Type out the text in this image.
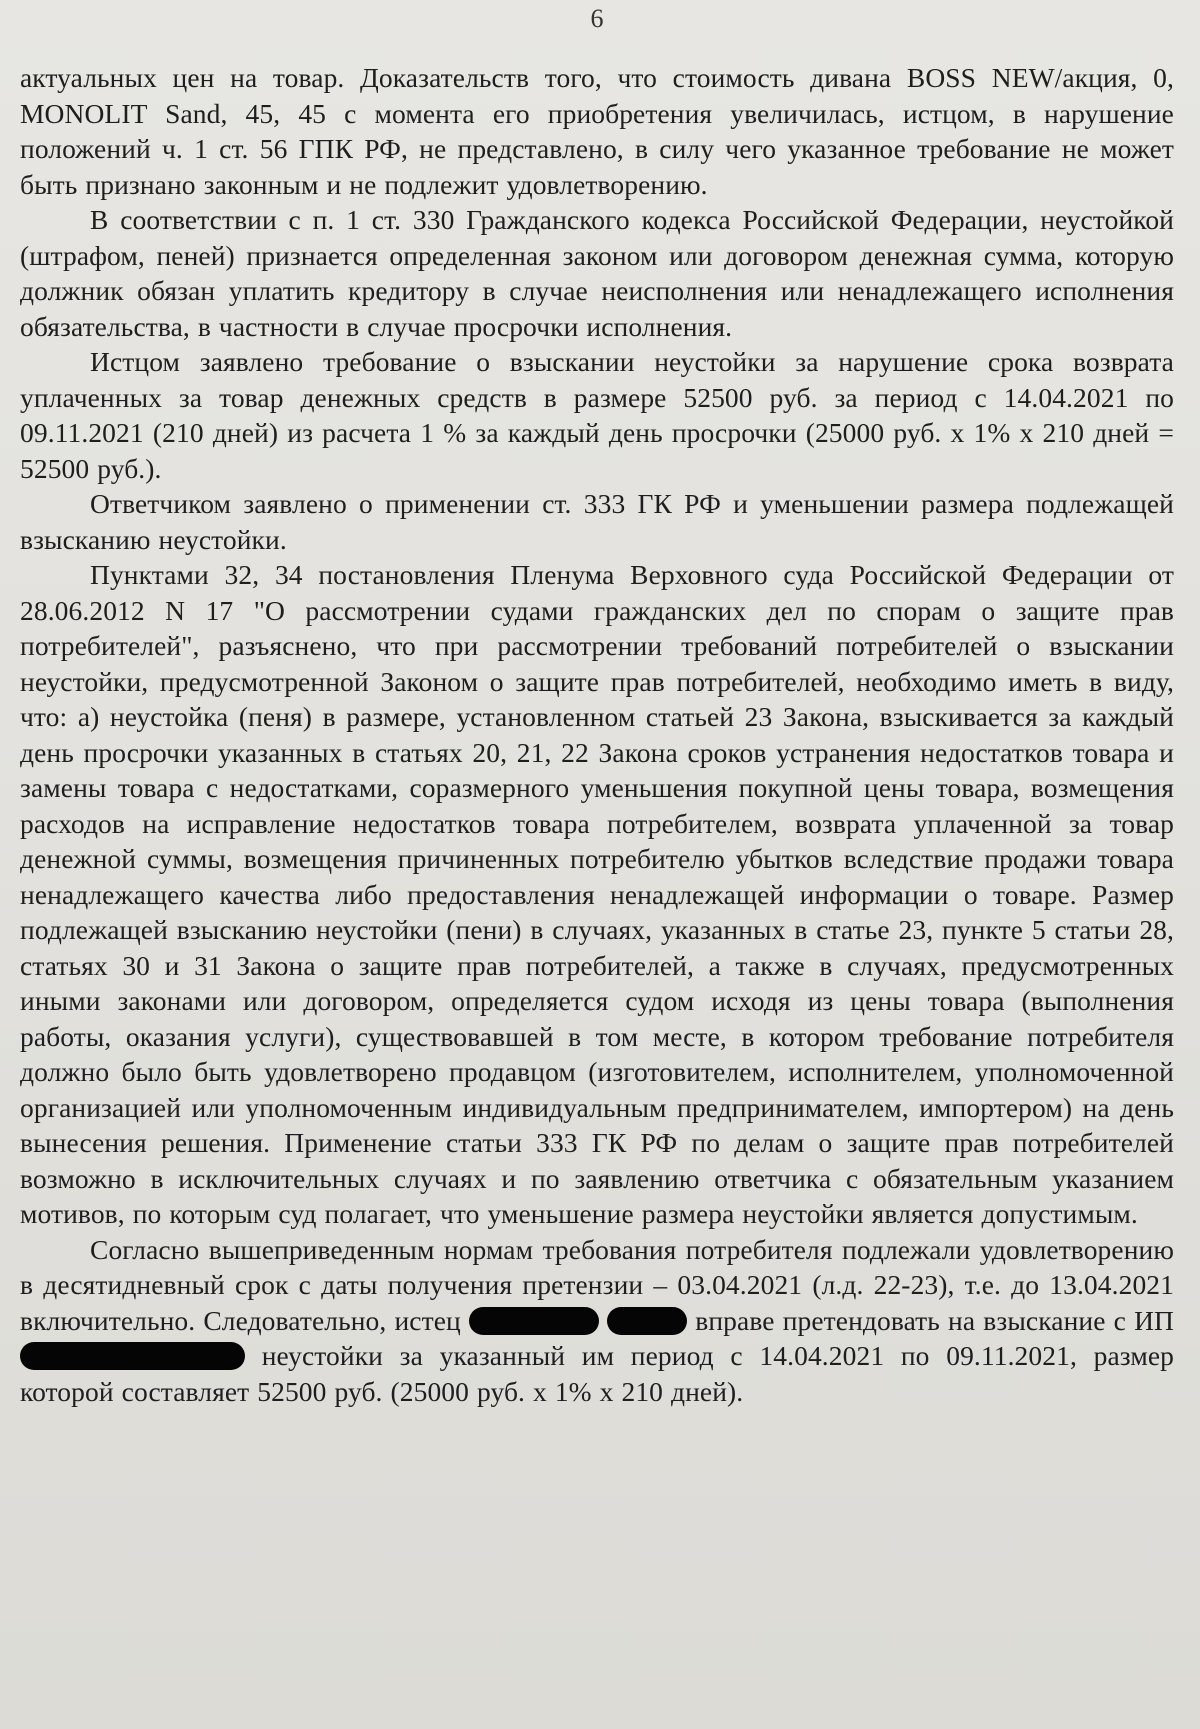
6

актуальных цен на товар. Доказательств того, что стоимость дивана BOSS NEW/акция, 0, MONOLIT Sand, 45, 45 с момента его приобретения увеличилась, истцом, в нарушение положений ч. 1 ст. 56 ГПК РФ, не представлено, в силу чего указанное требование не может быть признано законным и не подлежит удовлетворению.

В соответствии с п. 1 ст. 330 Гражданского кодекса Российской Федерации, неустойкой (штрафом, пеней) признается определенная законом или договором денежная сумма, которую должник обязан уплатить кредитору в случае неисполнения или ненадлежащего исполнения обязательства, в частности в случае просрочки исполнения.

Истцом заявлено требование о взыскании неустойки за нарушение срока возврата уплаченных за товар денежных средств в размере 52500 руб. за период с 14.04.2021 по 09.11.2021 (210 дней) из расчета 1 % за каждый день просрочки (25000 руб. х 1% х 210 дней = 52500 руб.).

Ответчиком заявлено о применении ст. 333 ГК РФ и уменьшении размера подлежащей взысканию неустойки.

Пунктами 32, 34 постановления Пленума Верховного суда Российской Федерации от 28.06.2012 N 17 "О рассмотрении судами гражданских дел по спорам о защите прав потребителей", разъяснено, что при рассмотрении требований потребителей о взыскании неустойки, предусмотренной Законом о защите прав потребителей, необходимо иметь в виду, что: а) неустойка (пеня) в размере, установленном статьей 23 Закона, взыскивается за каждый день просрочки указанных в статьях 20, 21, 22 Закона сроков устранения недостатков товара и замены товара с недостатками, соразмерного уменьшения покупной цены товара, возмещения расходов на исправление недостатков товара потребителем, возврата уплаченной за товар денежной суммы, возмещения причиненных потребителю убытков вследствие продажи товара ненадлежащего качества либо предоставления ненадлежащей информации о товаре. Размер подлежащей взысканию неустойки (пени) в случаях, указанных в статье 23, пункте 5 статьи 28, статьях 30 и 31 Закона о защите прав потребителей, а также в случаях, предусмотренных иными законами или договором, определяется судом исходя из цены товара (выполнения работы, оказания услуги), существовавшей в том месте, в котором требование потребителя должно было быть удовлетворено продавцом (изготовителем, исполнителем, уполномоченной организацией или уполномоченным индивидуальным предпринимателем, импортером) на день вынесения решения. Применение статьи 333 ГК РФ по делам о защите прав потребителей возможно в исключительных случаях и по заявлению ответчика с обязательным указанием мотивов, по которым суд полагает, что уменьшение размера неустойки является допустимым.

Согласно вышеприведенным нормам требования потребителя подлежали удовлетворению в десятидневный срок с даты получения претензии – 03.04.2021 (л.д. 22-23), т.е. до 13.04.2021 включительно. Следовательно, истец	вправе претендовать на взыскание с ИП  неустойки за указанный им период с 14.04.2021 по 09.11.2021, размер которой составляет 52500 руб. (25000 руб. х 1% х 210 дней).
